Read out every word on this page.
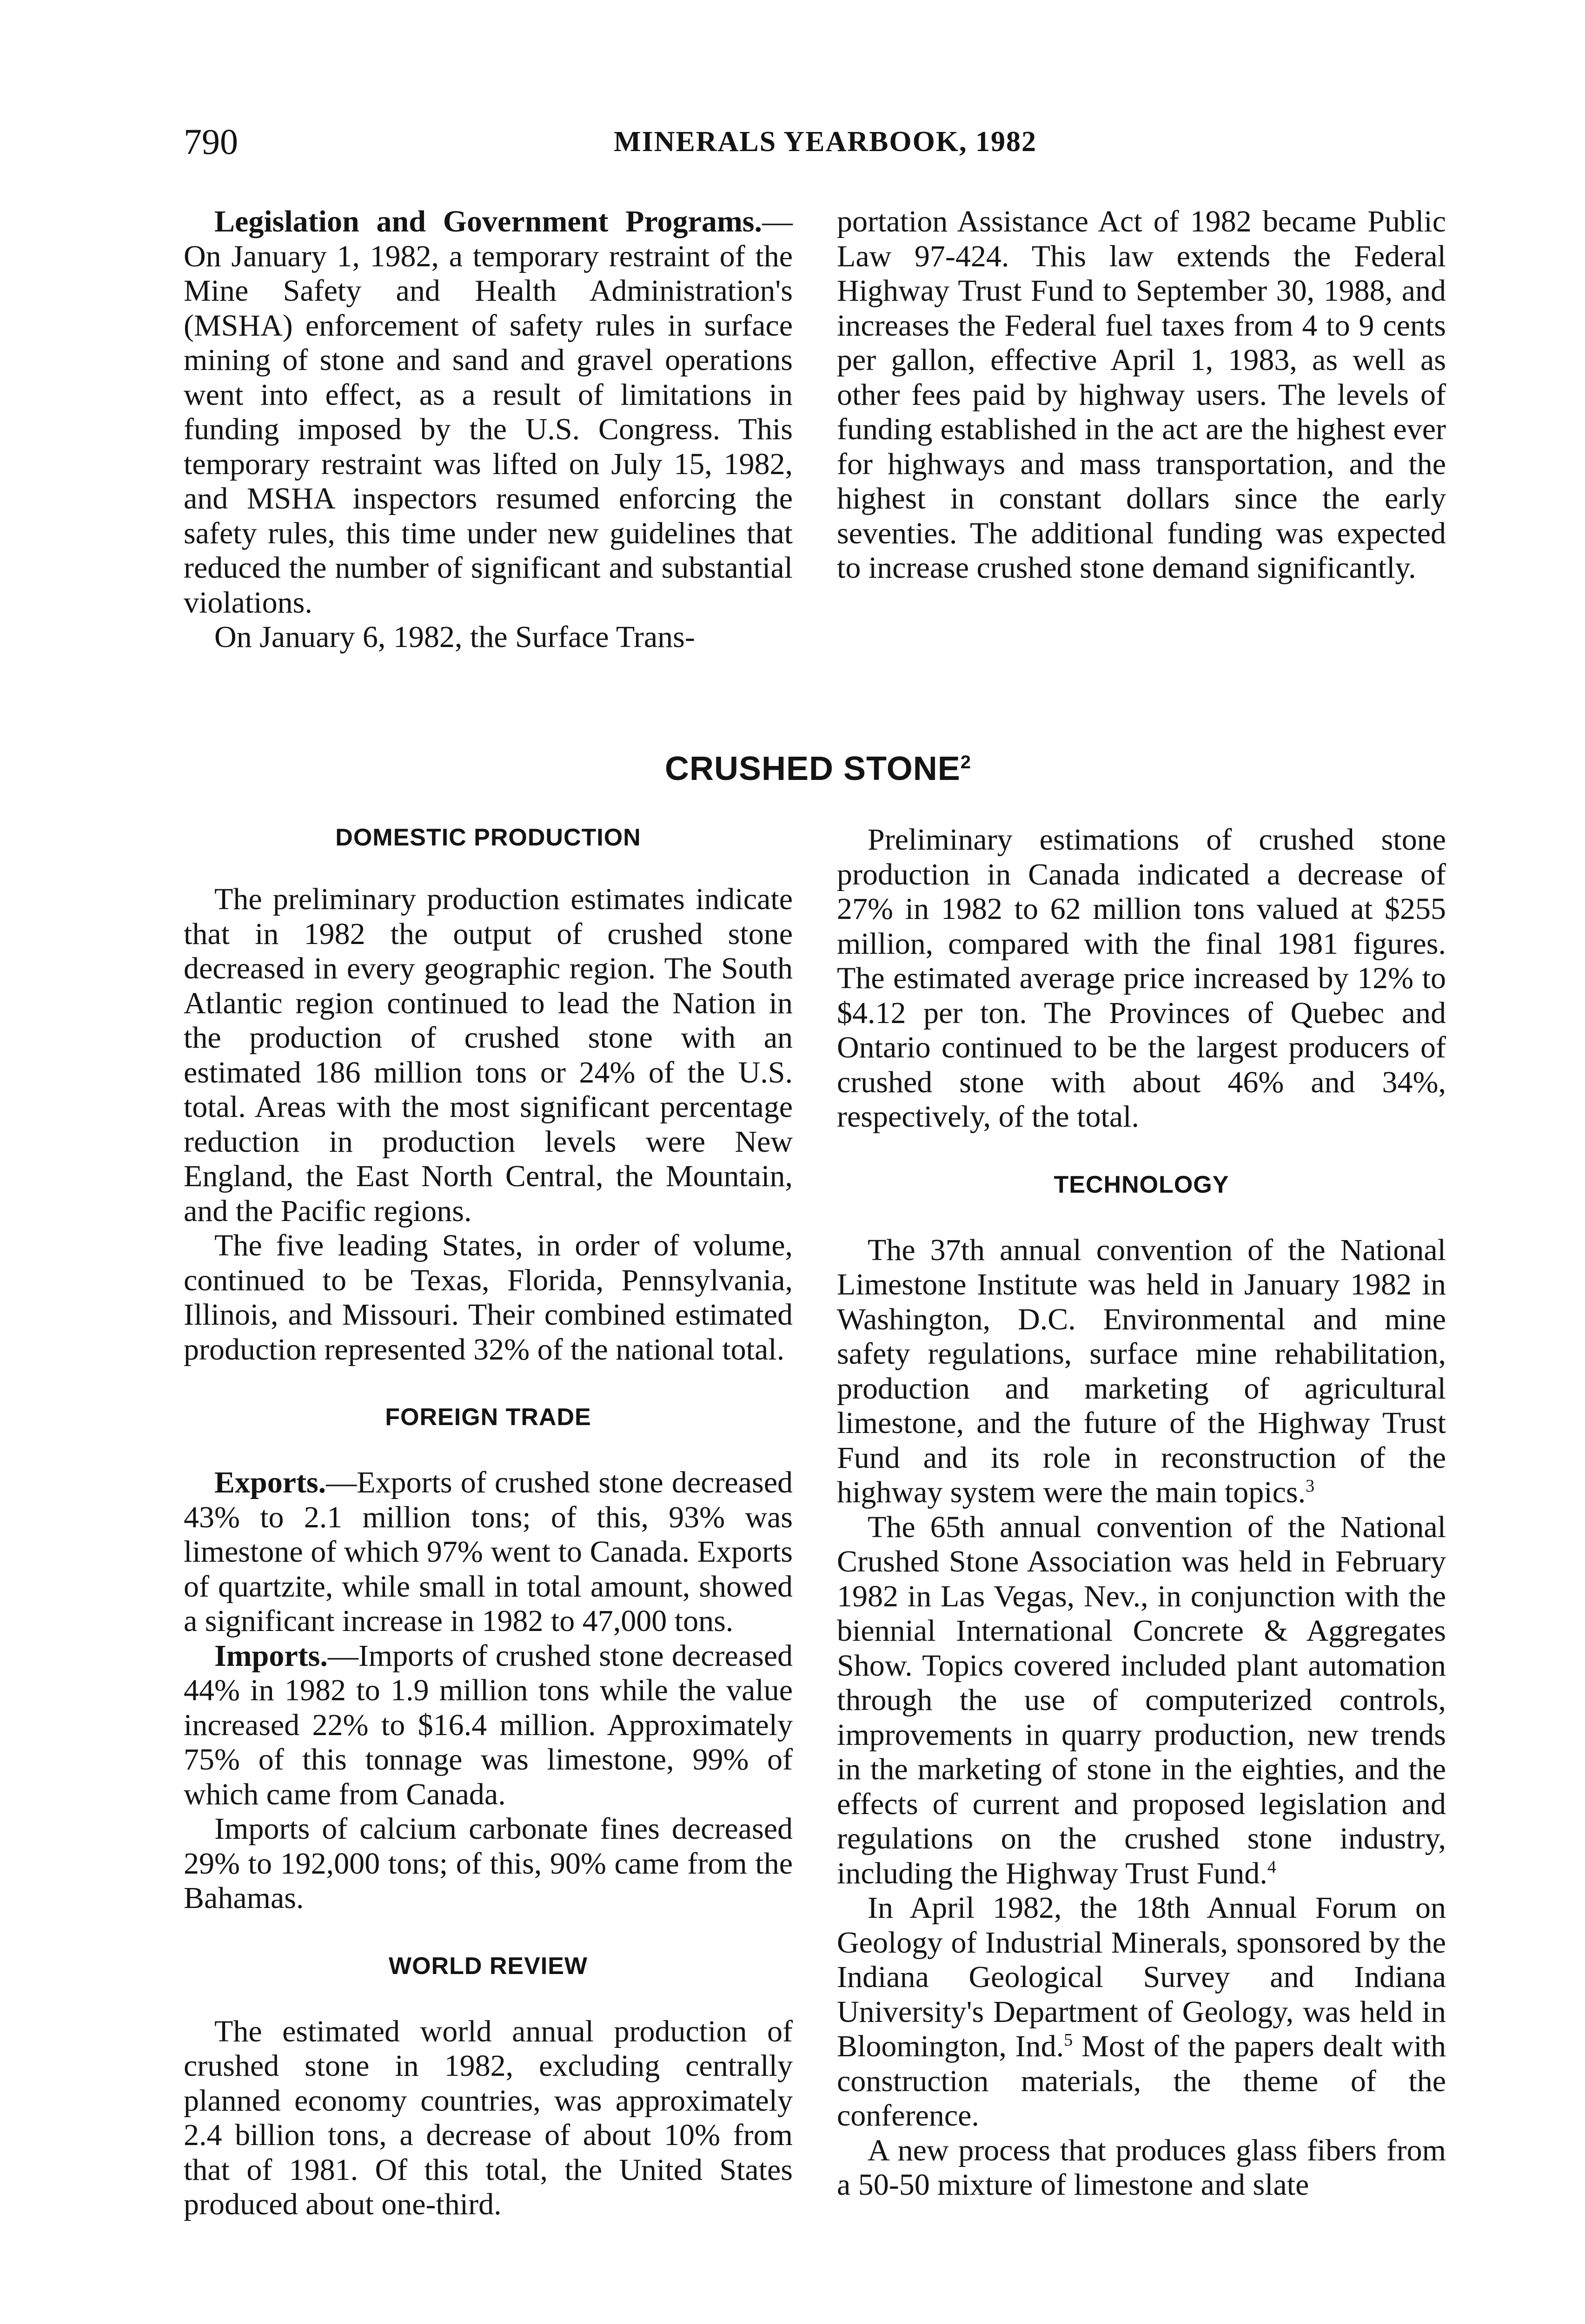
790	MINERALS YEARBOOK, 1982

Legislation and Government Programs.—On January 1, 1982, a temporary restraint of the Mine Safety and Health Administration's (MSHA) enforcement of safety rules in surface mining of stone and sand and gravel operations went into effect, as a result of limitations in funding imposed by the U.S. Congress. This temporary restraint was lifted on July 15, 1982, and MSHA inspectors resumed enforcing the safety rules, this time under new guidelines that reduced the number of significant and substantial violations.

On January 6, 1982, the Surface Trans-

portation Assistance Act of 1982 became Public Law 97-424. This law extends the Federal Highway Trust Fund to September 30, 1988, and increases the Federal fuel taxes from 4 to 9 cents per gallon, effective April 1, 1983, as well as other fees paid by highway users. The levels of funding established in the act are the highest ever for highways and mass transportation, and the highest in constant dollars since the early seventies. The additional funding was expected to increase crushed stone demand significantly.

CRUSHED STONE$^2$
DOMESTIC PRODUCTION

The preliminary production estimates indicate that in 1982 the output of crushed stone decreased in every geographic region. The South Atlantic region continued to lead the Nation in the production of crushed stone with an estimated 186 million tons or 24% of the U.S. total. Areas with the most significant percentage reduction in production levels were New England, the East North Central, the Mountain, and the Pacific regions.

The five leading States, in order of volume, continued to be Texas, Florida, Pennsylvania, Illinois, and Missouri. Their combined estimated production represented 32% of the national total.

FOREIGN TRADE

Exports.—Exports of crushed stone decreased 43% to 2.1 million tons; of this, 93% was limestone of which 97% went to Canada. Exports of quartzite, while small in total amount, showed a significant increase in 1982 to 47,000 tons.

Imports.—Imports of crushed stone decreased 44% in 1982 to 1.9 million tons while the value increased 22% to $16.4 million. Approximately 75% of this tonnage was limestone, 99% of which came from Canada.

Imports of calcium carbonate fines decreased 29% to 192,000 tons; of this, 90% came from the Bahamas.

WORLD REVIEW

The estimated world annual production of crushed stone in 1982, excluding centrally planned economy countries, was approximately 2.4 billion tons, a decrease of about 10% from that of 1981. Of this total, the United States produced about one-third.

Preliminary estimations of crushed stone production in Canada indicated a decrease of 27% in 1982 to 62 million tons valued at $255 million, compared with the final 1981 figures. The estimated average price increased by 12% to $4.12 per ton. The Provinces of Quebec and Ontario continued to be the largest producers of crushed stone with about 46% and 34%, respectively, of the total.

TECHNOLOGY

The 37th annual convention of the National Limestone Institute was held in January 1982 in Washington, D.C. Environmental and mine safety regulations, surface mine rehabilitation, production and marketing of agricultural limestone, and the future of the Highway Trust Fund and its role in reconstruction of the highway system were the main topics.$^3$

The 65th annual convention of the National Crushed Stone Association was held in February 1982 in Las Vegas, Nev., in conjunction with the biennial International Concrete & Aggregates Show. Topics covered included plant automation through the use of computerized controls, improvements in quarry production, new trends in the marketing of stone in the eighties, and the effects of current and proposed legislation and regulations on the crushed stone industry, including the Highway Trust Fund.$^4$

In April 1982, the 18th Annual Forum on Geology of Industrial Minerals, sponsored by the Indiana Geological Survey and Indiana University's Department of Geology, was held in Bloomington, Ind.$^5$ Most of the papers dealt with construction materials, the theme of the conference.

A new process that produces glass fibers from a 50-50 mixture of limestone and slate
